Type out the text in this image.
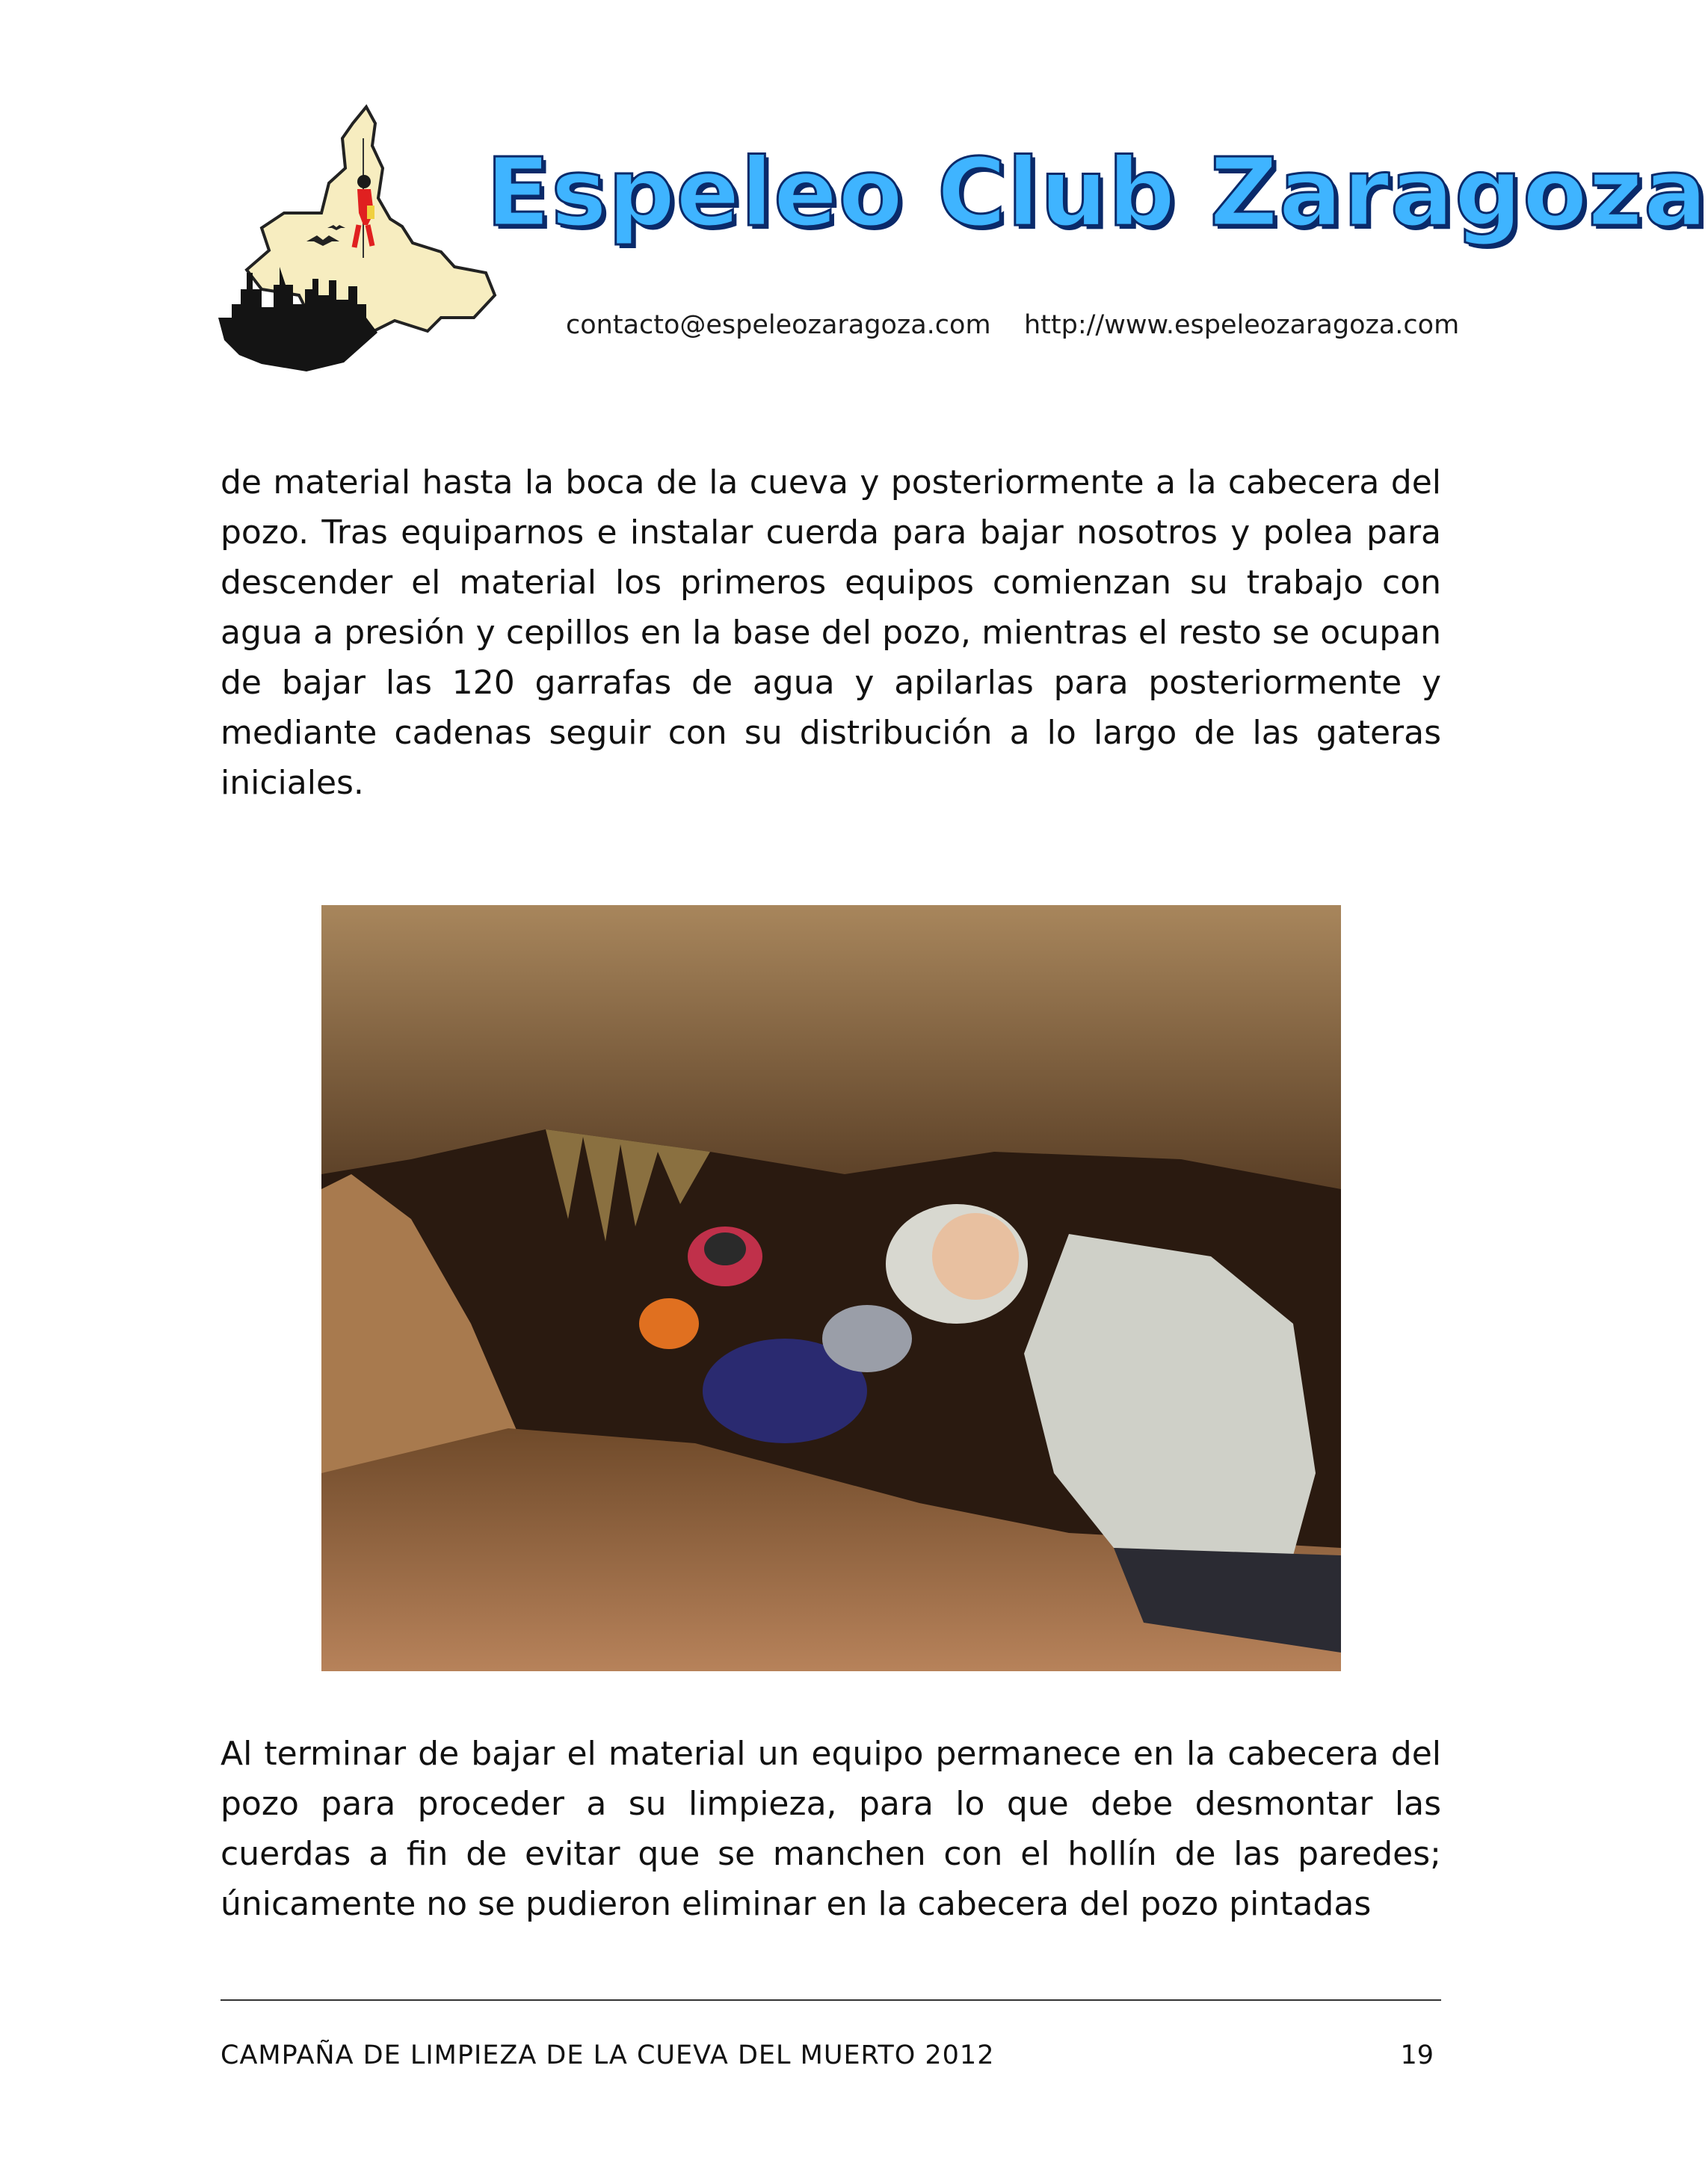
Espeleo Club Zaragoza
contacto@espeleozaragoza.com http://www.espeleozaragoza.com

de material hasta la boca de la cueva y posteriormente a la cabecera del pozo. Tras equiparnos e instalar cuerda para bajar nosotros y polea para descender el material los primeros equipos comienzan su trabajo con agua a presión y cepillos en la base del pozo, mientras el resto se ocupan de bajar las 120 garrafas de agua y apilarlas para posteriormente y mediante cadenas seguir con su distribución a lo largo de las gateras iniciales.

Al terminar de bajar el material un equipo permanece en la cabecera del pozo para proceder a su limpieza, para lo que debe desmontar las cuerdas a fin de evitar que se manchen con el hollín de las paredes; únicamente no se pudieron eliminar en la cabecera del pozo pintadas

CAMPAÑA DE LIMPIEZA DE LA CUEVA DEL MUERTO 2012	19
